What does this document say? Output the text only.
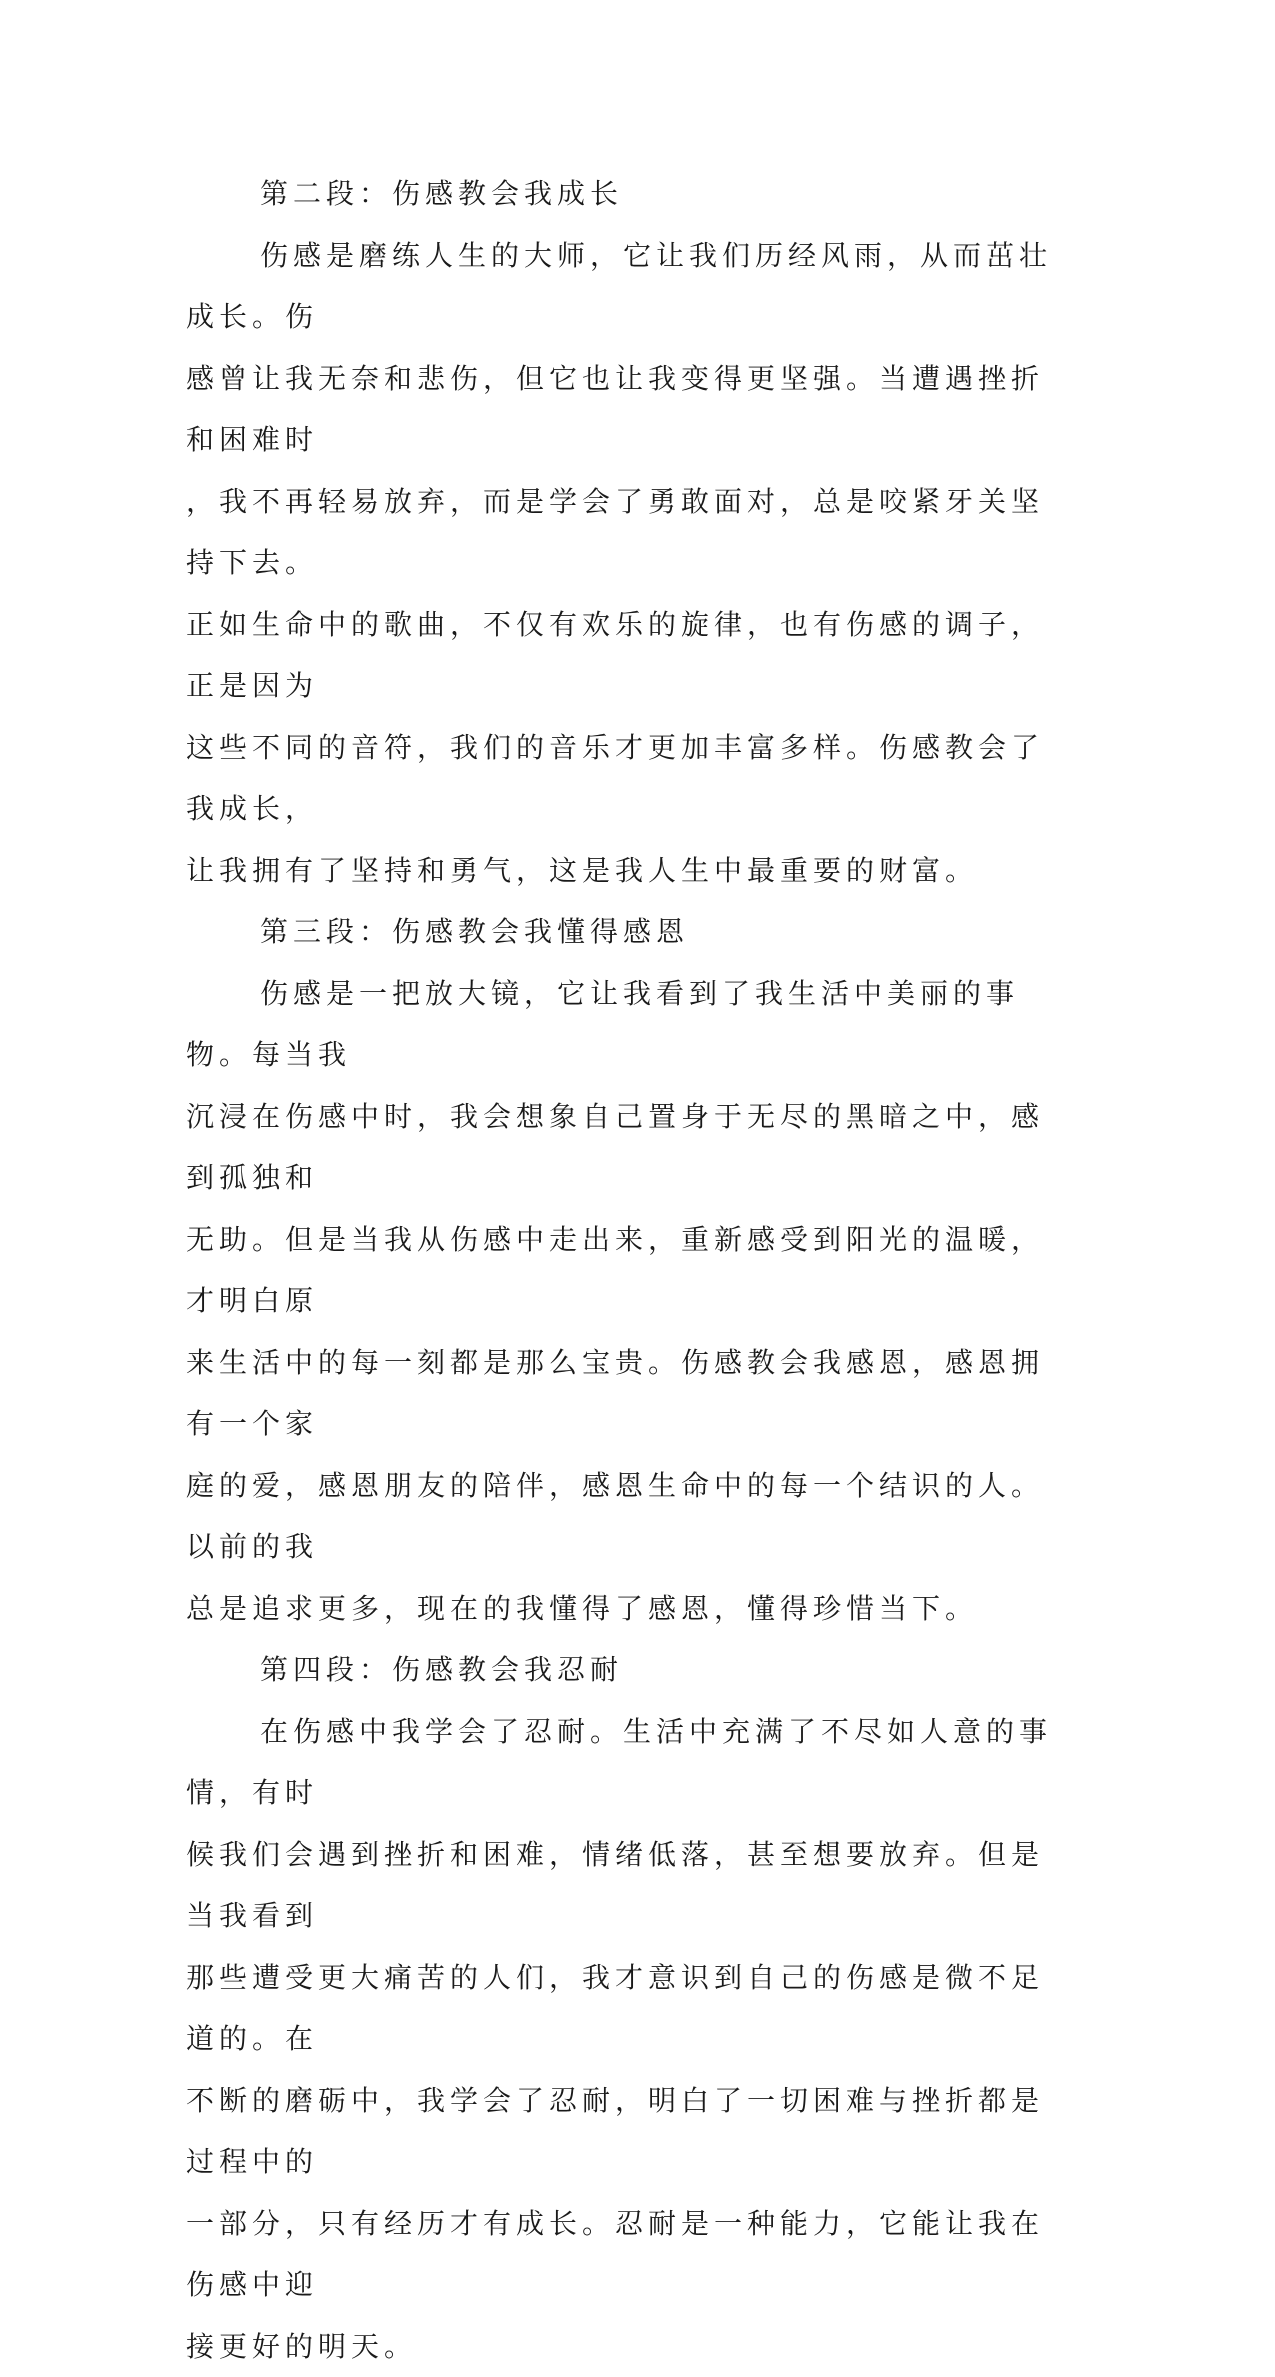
第二段：伤感教会我成长

伤感是磨练人生的大师，它让我们历经风雨，从而茁壮成长。伤
感曾让我无奈和悲伤，但它也让我变得更坚强。当遭遇挫折和困难时
，我不再轻易放弃，而是学会了勇敢面对，总是咬紧牙关坚持下去。
正如生命中的歌曲，不仅有欢乐的旋律，也有伤感的调子，正是因为
这些不同的音符，我们的音乐才更加丰富多样。伤感教会了我成长，
让我拥有了坚持和勇气，这是我人生中最重要的财富。

第三段：伤感教会我懂得感恩

伤感是一把放大镜，它让我看到了我生活中美丽的事物。每当我
沉浸在伤感中时，我会想象自己置身于无尽的黑暗之中，感到孤独和
无助。但是当我从伤感中走出来，重新感受到阳光的温暖，才明白原
来生活中的每一刻都是那么宝贵。伤感教会我感恩，感恩拥有一个家
庭的爱，感恩朋友的陪伴，感恩生命中的每一个结识的人。以前的我
总是追求更多，现在的我懂得了感恩，懂得珍惜当下。

第四段：伤感教会我忍耐

在伤感中我学会了忍耐。生活中充满了不尽如人意的事情，有时
候我们会遇到挫折和困难，情绪低落，甚至想要放弃。但是当我看到
那些遭受更大痛苦的人们，我才意识到自己的伤感是微不足道的。在
不断的磨砺中，我学会了忍耐，明白了一切困难与挫折都是过程中的
一部分，只有经历才有成长。忍耐是一种能力，它能让我在伤感中迎
接更好的明天。
